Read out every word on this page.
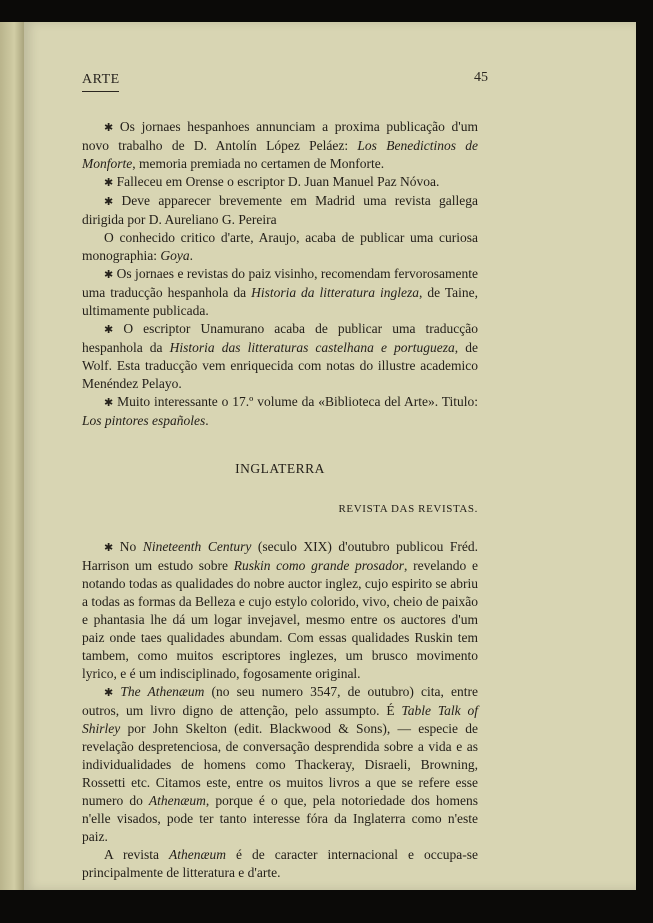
ARTE	45

✱ Os jornaes hespanhoes annunciam a proxima publicação d'um novo trabalho de D. Antolín López Peláez: Los Benedictinos de Monforte, memoria premiada no certamen de Monforte.

✱ Falleceu em Orense o escriptor D. Juan Manuel Paz Nóvoa.

✱ Deve apparecer brevemente em Madrid uma revista gallega dirigida por D. Aureliano G. Pereira

O conhecido critico d'arte, Araujo, acaba de publicar uma curiosa monographia: Goya.

✱ Os jornaes e revistas do paiz visinho, recomendam fervorosamente uma traducção hespanhola da Historia da litteratura ingleza, de Taine, ultimamente publicada.

✱ O escriptor Unamurano acaba de publicar uma traducção hespanhola da Historia das litteraturas castelhana e portugueza, de Wolf. Esta traducção vem enriquecida com notas do illustre academico Menéndez Pelayo.

✱ Muito interessante o 17.º volume da «Biblioteca del Arte». Titulo: Los pintores españoles.

INGLATERRA

REVISTA DAS REVISTAS.

✱ No Nineteenth Century (seculo XIX) d'outubro publicou Fréd. Harrison um estudo sobre Ruskin como grande prosador, revelando e notando todas as qualidades do nobre auctor inglez, cujo espirito se abriu a todas as formas da Belleza e cujo estylo colorido, vivo, cheio de paixão e phantasia lhe dá um logar invejavel, mesmo entre os auctores d'um paiz onde taes qualidades abundam. Com essas qualidades Ruskin tem tambem, como muitos escriptores inglezes, um brusco movimento lyrico, e é um indisciplinado, fogosamente original.

✱ The Athenæum (no seu numero 3547, de outubro) cita, entre outros, um livro digno de attenção, pelo assumpto. É Table Talk of Shirley por John Skelton (edit. Blackwood & Sons), — especie de revelação despretenciosa, de conversação desprendida sobre a vida e as individualidades de homens como Thackeray, Disraeli, Browning, Rossetti etc. Citamos este, entre os muitos livros a que se refere esse numero do Athenæum, porque é o que, pela notoriedade dos homens n'elle visados, pode ter tanto interesse fóra da Inglaterra como n'este paiz.

A revista Athenæum é de caracter internacional e occupa-se principalmente de litteratura e d'arte.
